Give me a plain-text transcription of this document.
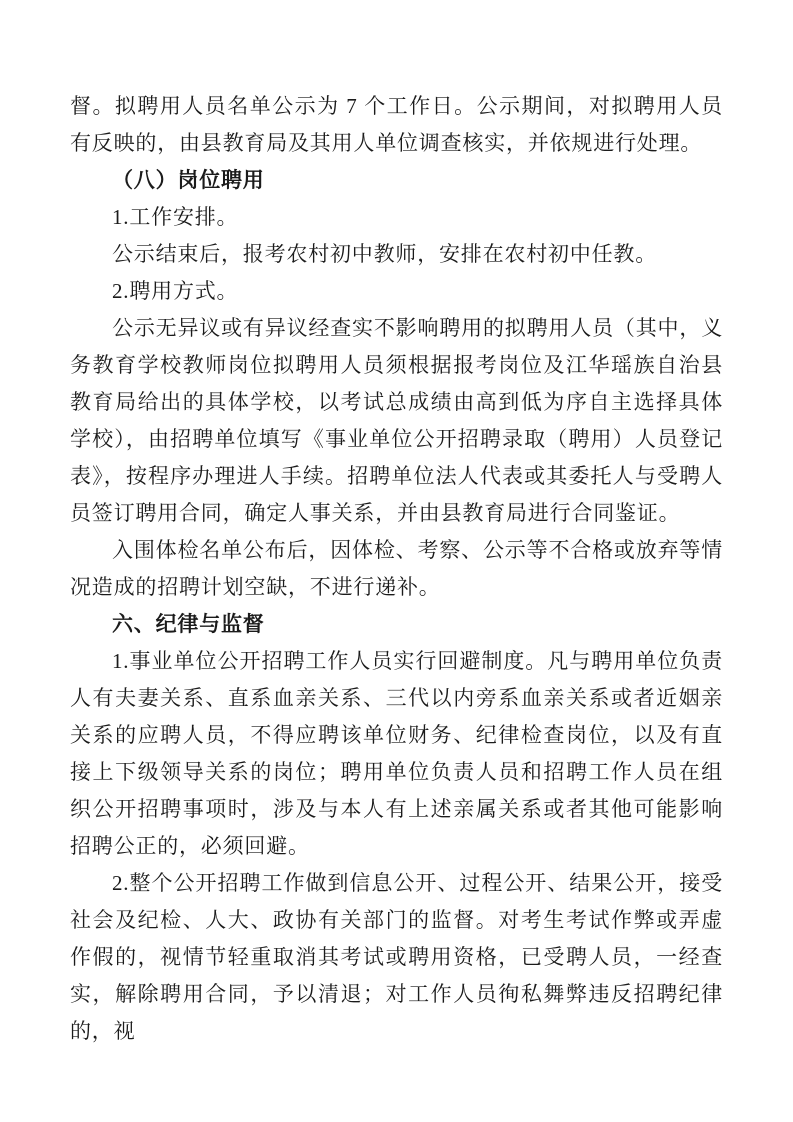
督。拟聘用人员名单公示为 7 个工作日。公示期间，对拟聘用人员有反映的，由县教育局及其用人单位调查核实，并依规进行处理。

（八）岗位聘用

1.工作安排。

公示结束后，报考农村初中教师，安排在农村初中任教。

2.聘用方式。

公示无异议或有异议经查实不影响聘用的拟聘用人员（其中，义务教育学校教师岗位拟聘用人员须根据报考岗位及江华瑶族自治县教育局给出的具体学校，以考试总成绩由高到低为序自主选择具体学校），由招聘单位填写《事业单位公开招聘录取（聘用）人员登记表》，按程序办理进人手续。招聘单位法人代表或其委托人与受聘人员签订聘用合同，确定人事关系，并由县教育局进行合同鉴证。

入围体检名单公布后，因体检、考察、公示等不合格或放弃等情况造成的招聘计划空缺，不进行递补。

六、纪律与监督

1.事业单位公开招聘工作人员实行回避制度。凡与聘用单位负责人有夫妻关系、直系血亲关系、三代以内旁系血亲关系或者近姻亲关系的应聘人员，不得应聘该单位财务、纪律检查岗位，以及有直接上下级领导关系的岗位；聘用单位负责人员和招聘工作人员在组织公开招聘事项时，涉及与本人有上述亲属关系或者其他可能影响招聘公正的，必须回避。

2.整个公开招聘工作做到信息公开、过程公开、结果公开，接受社会及纪检、人大、政协有关部门的监督。对考生考试作弊或弄虚作假的，视情节轻重取消其考试或聘用资格，已受聘人员，一经查实，解除聘用合同，予以清退；对工作人员徇私舞弊违反招聘纪律的，视
